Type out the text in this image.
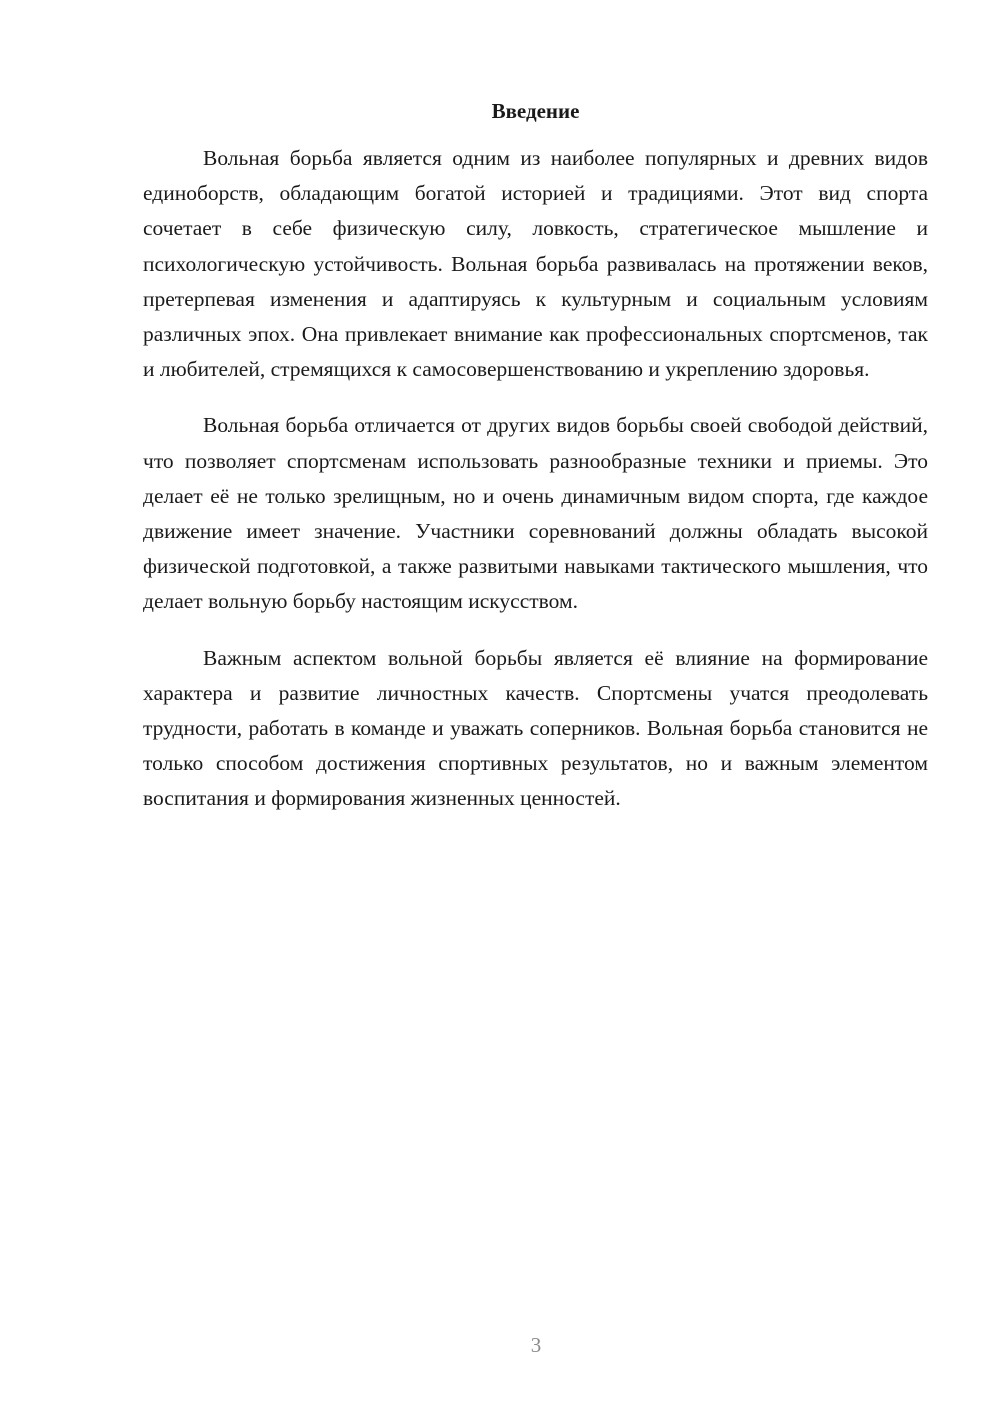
Введение

Вольная борьба является одним из наиболее популярных и древних видов единоборств, обладающим богатой историей и традициями. Этот вид спорта сочетает в себе физическую силу, ловкость, стратегическое мышление и психологическую устойчивость. Вольная борьба развивалась на протяжении веков, претерпевая изменения и адаптируясь к культурным и социальным условиям различных эпох. Она привлекает внимание как профессиональных спортсменов, так и любителей, стремящихся к самосовершенствованию и укреплению здоровья.

Вольная борьба отличается от других видов борьбы своей свободой действий, что позволяет спортсменам использовать разнообразные техники и приемы. Это делает её не только зрелищным, но и очень динамичным видом спорта, где каждое движение имеет значение. Участники соревнований должны обладать высокой физической подготовкой, а также развитыми навыками тактического мышления, что делает вольную борьбу настоящим искусством.

Важным аспектом вольной борьбы является её влияние на формирование характера и развитие личностных качеств. Спортсмены учатся преодолевать трудности, работать в команде и уважать соперников. Вольная борьба становится не только способом достижения спортивных результатов, но и важным элементом воспитания и формирования жизненных ценностей.

3
